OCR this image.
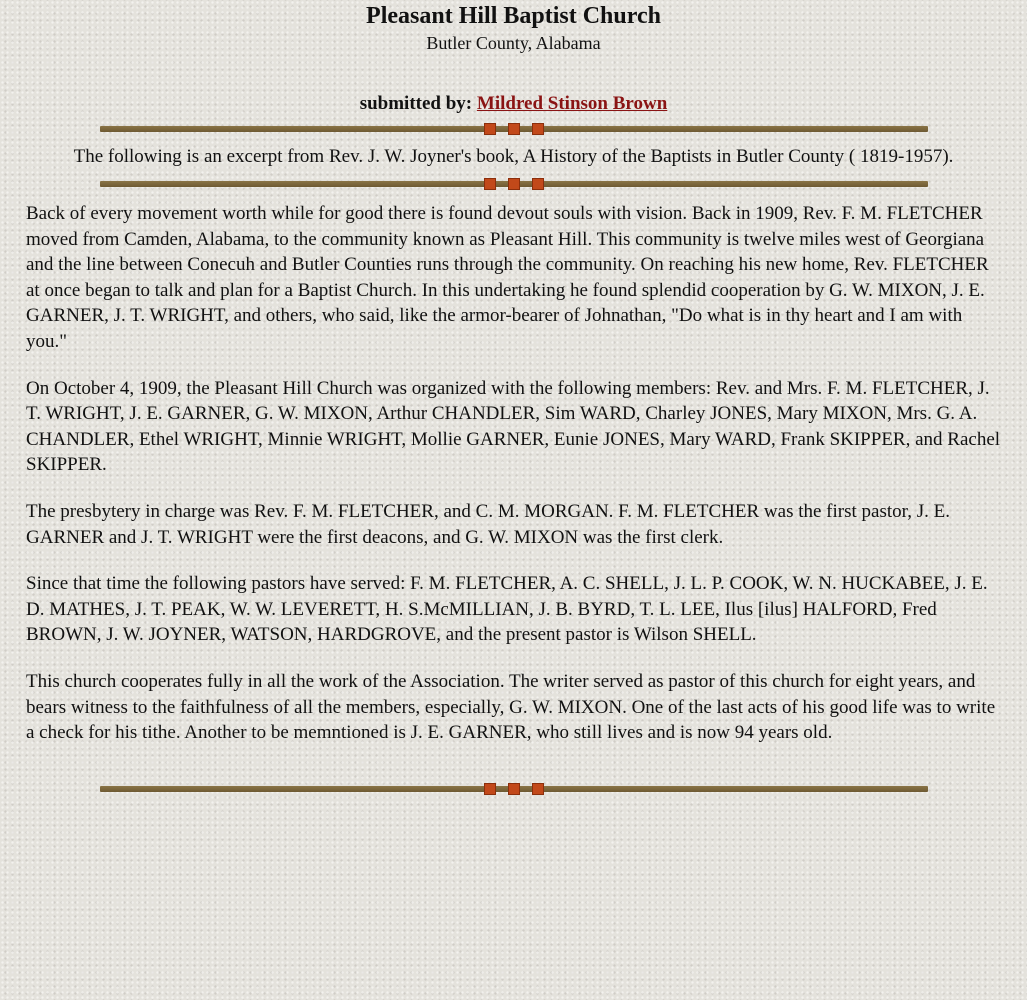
Pleasant Hill Baptist Church
Butler County, Alabama
submitted by: Mildred Stinson Brown
The following is an excerpt from Rev. J. W. Joyner's book, A History of the Baptists in Butler County ( 1819-1957).

Back of every movement worth while for good there is found devout souls with vision. Back in 1909, Rev. F. M. FLETCHER moved from Camden, Alabama, to the community known as Pleasant Hill. This community is twelve miles west of Georgiana and the line between Conecuh and Butler Counties runs through the community. On reaching his new home, Rev. FLETCHER at once began to talk and plan for a Baptist Church. In this undertaking he found splendid cooperation by G. W. MIXON, J. E. GARNER, J. T. WRIGHT, and others, who said, like the armor-bearer of Johnathan, "Do what is in thy heart and I am with you."

On October 4, 1909, the Pleasant Hill Church was organized with the following members: Rev. and Mrs. F. M. FLETCHER, J. T. WRIGHT, J. E. GARNER, G. W. MIXON, Arthur CHANDLER, Sim WARD, Charley JONES, Mary MIXON, Mrs. G. A. CHANDLER, Ethel WRIGHT, Minnie WRIGHT, Mollie GARNER, Eunie JONES, Mary WARD, Frank SKIPPER, and Rachel SKIPPER.

The presbytery in charge was Rev. F. M. FLETCHER, and C. M. MORGAN. F. M. FLETCHER was the first pastor, J. E. GARNER and J. T. WRIGHT were the first deacons, and G. W. MIXON was the first clerk.

Since that time the following pastors have served: F. M. FLETCHER, A. C. SHELL, J. L. P. COOK, W. N. HUCKABEE, J. E. D. MATHES, J. T. PEAK, W. W. LEVERETT, H. S.McMILLIAN, J. B. BYRD, T. L. LEE, Ilus [ilus] HALFORD, Fred BROWN, J. W. JOYNER, WATSON, HARDGROVE, and the present pastor is Wilson SHELL.

This church cooperates fully in all the work of the Association. The writer served as pastor of this church for eight years, and bears witness to the faithfulness of all the members, especially, G. W. MIXON. One of the last acts of his good life was to write a check for his tithe. Another to be memntioned is J. E. GARNER, who still lives and is now 94 years old.
